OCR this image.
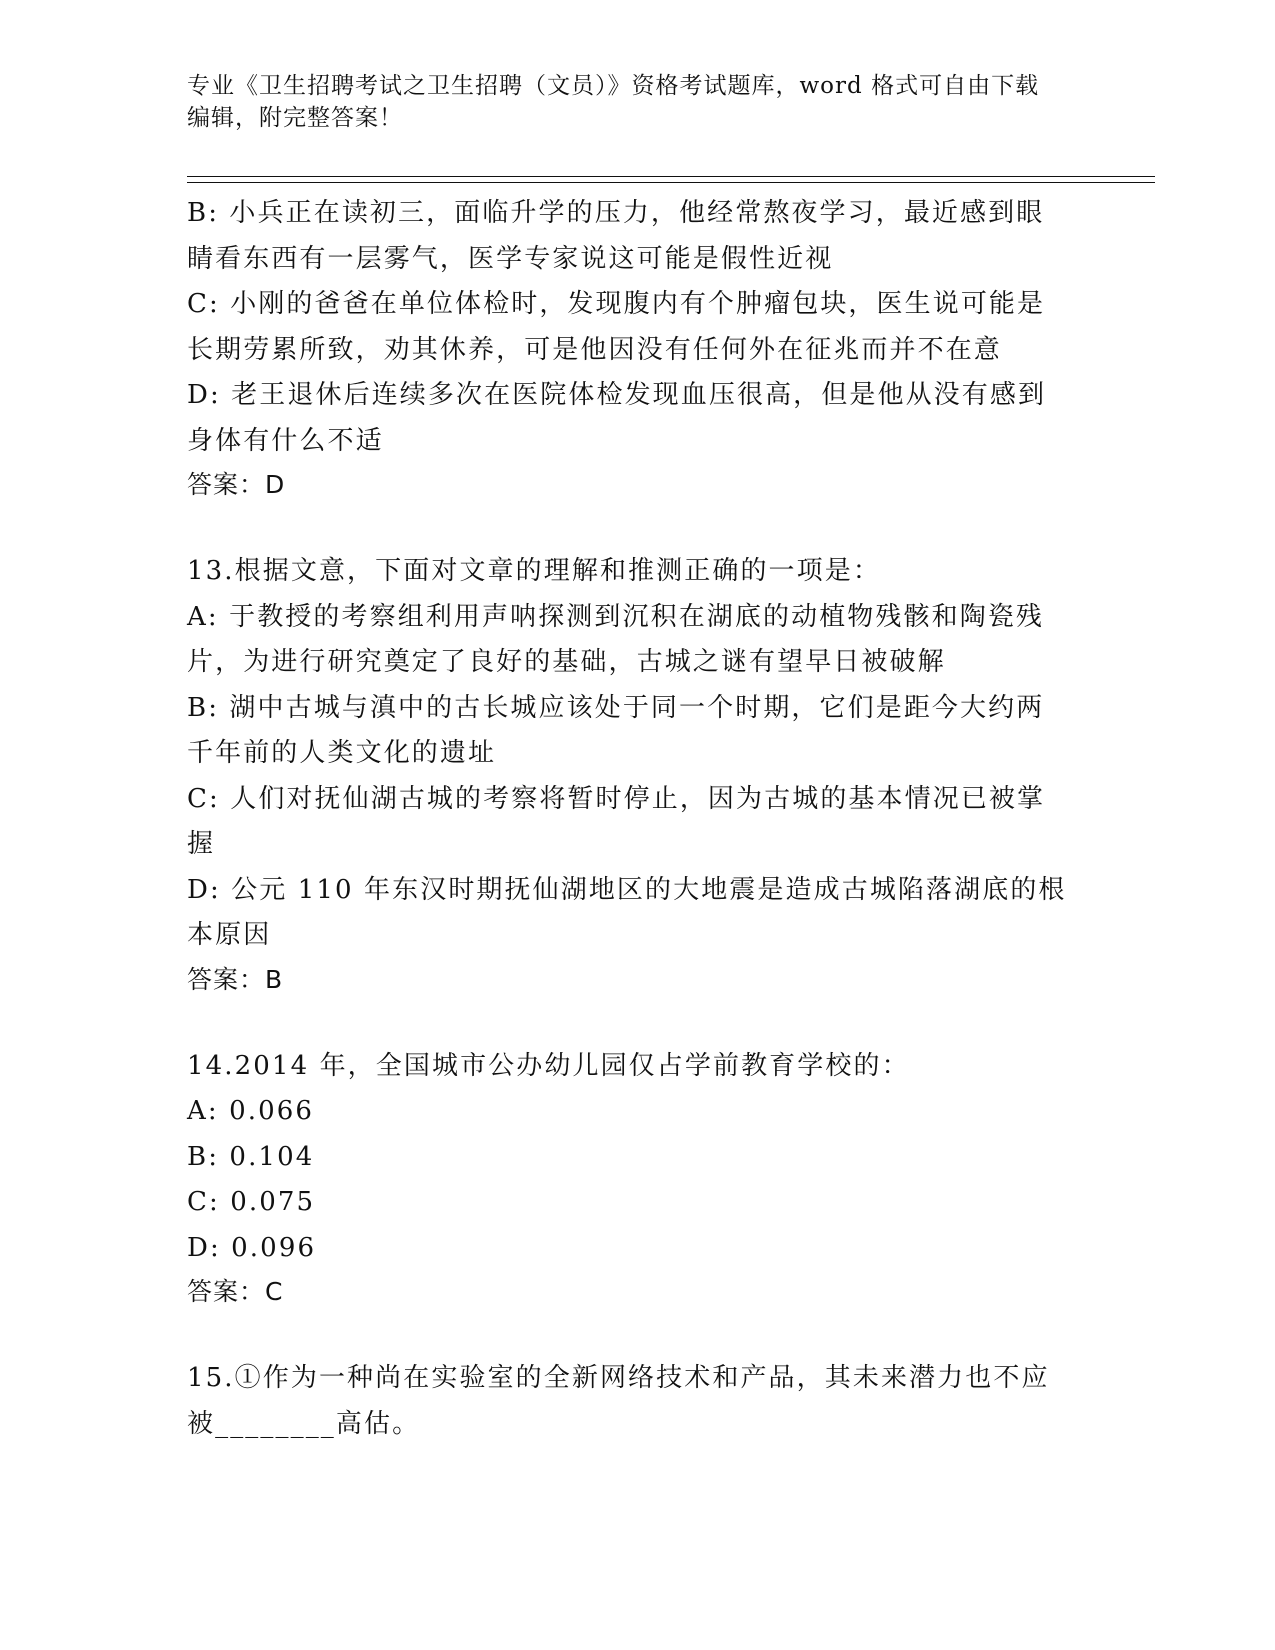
专业《卫生招聘考试之卫生招聘（文员）》资格考试题库，word 格式可自由下载
编辑，附完整答案！
B: 小兵正在读初三，面临升学的压力，他经常熬夜学习，最近感到眼
睛看东西有一层雾气，医学专家说这可能是假性近视
C: 小刚的爸爸在单位体检时，发现腹内有个肿瘤包块，医生说可能是
长期劳累所致，劝其休养，可是他因没有任何外在征兆而并不在意
D: 老王退休后连续多次在医院体检发现血压很高，但是他从没有感到
身体有什么不适
答案：D
13.根据文意，下面对文章的理解和推测正确的一项是：
A: 于教授的考察组利用声呐探测到沉积在湖底的动植物残骸和陶瓷残
片，为进行研究奠定了良好的基础，古城之谜有望早日被破解
B: 湖中古城与滇中的古长城应该处于同一个时期，它们是距今大约两
千年前的人类文化的遗址
C: 人们对抚仙湖古城的考察将暂时停止，因为古城的基本情况已被掌
握
D: 公元 110 年东汉时期抚仙湖地区的大地震是造成古城陷落湖底的根
本原因
答案：B
14.2014 年，全国城市公办幼儿园仅占学前教育学校的：
A: 0.066
B: 0.104
C: 0.075
D: 0.096
答案：C
15.①作为一种尚在实验室的全新网络技术和产品，其未来潜力也不应
被________高估。
